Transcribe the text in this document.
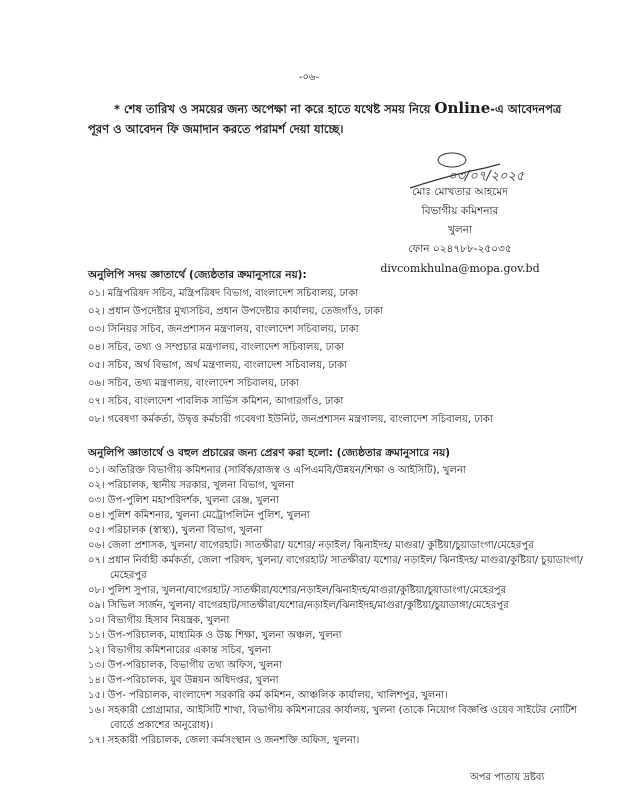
-০৬-
* শেষ তারিখ ও সময়ের জন্য অপেক্ষা না করে হাতে যথেষ্ট সময় নিয়ে Online-এ আবেদনপত্র পূরণ ও আবেদন ফি জমাদান করতে পরামর্শ দেয়া যাচ্ছে।
০৩/০৭/২০২৫
মোঃ মোখতার আহমেদ
বিভাগীয় কমিশনার
খুলনা
ফোন ০২৪৭৮৮-২৫০৩৫
divcomkhulna@mopa.gov.bd
অনুলিপি সদয় জ্ঞাতার্থে (জ্যেষ্ঠতার ক্রমানুসারে নয়):
০১। মন্ত্রিপরিষদ সচিব, মন্ত্রিপরিষদ বিভাগ, বাংলাদেশ সচিবালয়, ঢাকা
০২। প্রধান উপদেষ্টার মুখ্যসচিব, প্রধান উপদেষ্টার কার্যালয়, তেজগাঁও, ঢাকা
০৩। সিনিয়র সচিব, জনপ্রশাসন মন্ত্রণালয়, বাংলাদেশ সচিবালয়, ঢাকা
০৪। সচিব, তথ্য ও সম্প্রচার মন্ত্রণালয়, বাংলাদেশ সচিবালয়, ঢাকা
০৫। সচিব, অর্থ বিভাগ, অর্থ মন্ত্রণালয়, বাংলাদেশ সচিবালয়, ঢাকা
০৬। সচিব, তথ্য মন্ত্রণালয়, বাংলাদেশ সচিবালয়, ঢাকা
০৭। সচিব, বাংলাদেশ পাবলিক সার্ভিস কমিশন, আগারগাঁও, ঢাকা
০৮। গবেষণা কর্মকর্তা, উদ্বৃত্ত কর্মচারী গবেষণা ইউনিট, জনপ্রশাসন মন্ত্রণালয়, বাংলাদেশ সচিবালয়, ঢাকা
অনুলিপি জ্ঞাতার্থে ও বহুল প্রচারের জন্য প্রেরণ করা হলো: (জ্যেষ্ঠতার ক্রমানুসারে নয়)
০১। অতিরিক্ত বিভাগীয় কমিশনার (সার্বিক/রাজস্ব ও এপিএমবি/উন্নয়ন/শিক্ষা ও আইসিটি), খুলনা
০২। পরিচালক, স্থানীয় সরকার, খুলনা বিভাগ, খুলনা
০৩। উপ-পুলিশ মহাপরিদর্শক, খুলনা রেঞ্জ, খুলনা
০৪। পুলিশ কমিশনার, খুলনা মেট্রোপলিটন পুলিশ, খুলনা
০৫। পরিচালক (স্বাস্থ্য), খুলনা বিভাগ, খুলনা
০৬। জেলা প্রশাসক, খুলনা/ বাগেরহাট। সাতক্ষীরা/ যশোর/ নড়াইল/ ঝিনাইদহ/ মাগুরা/ কুষ্টিয়া/চুয়াডাংগা/মেহেরপুর
০৭। প্রধান নির্বাহী কর্মকর্তা, জেলা পরিষদ, খুলনা/ বাগেরহাট/ সাতক্ষীরা/ যশোর/ নড়াইল/ ঝিনাইদহ/ মাগুরা/কুষ্টিয়া/ চুয়াডাংগা/ মেহেরপুর
০৮। পুলিশ সুপার, খুলনা/বাগেরহাট/ সাতক্ষীরা/যশোর/নড়াইল/ঝিনাইদহ/মাগুরা/কুষ্টিয়া/চুয়াডাংগা/মেহেরপুর
০৯। সিভিল সার্জন, খুলনা/ বাগেরহাট/সাতক্ষীরা/যশোর/নড়াইল/ঝিনাইদহ/মাগুরা/কুষ্টিয়া/চুয়াডাঙ্গা/মেহেরপুর
১০। বিভাগীয় হিসাব নিয়ন্ত্রক, খুলনা
১১। উপ-পরিচালক, মাধ্যমিক ও উচ্চ শিক্ষা, খুলনা অঞ্চল, খুলনা
১২। বিভাগীয় কমিশনারের একান্ত সচিব, খুলনা
১৩। উপ-পরিচালক, বিভাগীয় তথ্য অফিস, খুলনা
১৪। উপ-পরিচালক, যুব উন্নয়ন অধিদপ্তর, খুলনা
১৫। উপ- পরিচালক, বাংলাদেশ সরকারি কর্ম কমিশন, আঞ্চলিক কার্যালয়, খালিশপুর, খুলনা।
১৬। সহকারী প্রোগ্রামার, আইসিটি শাখা, বিভাগীয় কমিশনারের কার্যালয়, খুলনা (তাকে নিয়োগ বিজ্ঞপ্তি ওয়েব সাইটের নোটিশ বোর্ডে প্রকাশের অনুরোধ)।
১৭। সহকারী পরিচালক, জেলা কর্মসংস্থান ও জনশক্তি অফিস, খুলনা।
অপর পাতায় দ্রষ্টব্য
